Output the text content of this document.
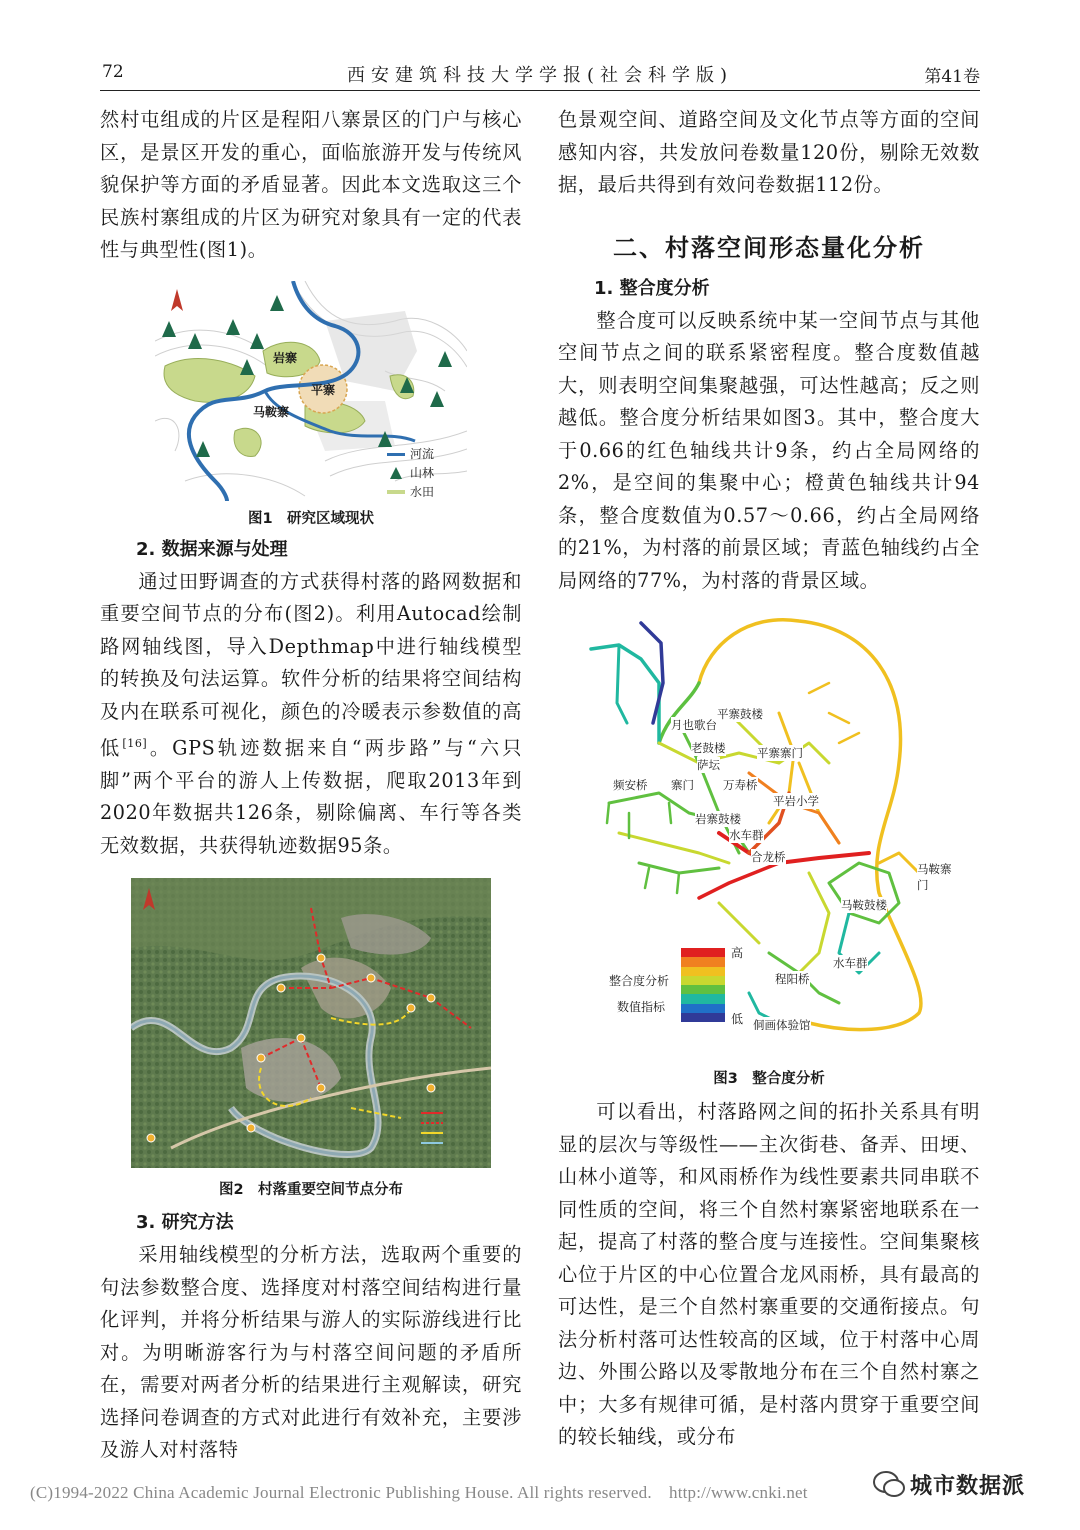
72	西安建筑科技大学学报(社会科学版)	第41卷

然村屯组成的片区是程阳八寨景区的门户与核心区，是景区开发的重心，面临旅游开发与传统风貌保护等方面的矛盾显著。因此本文选取这三个民族村寨组成的片区为研究对象具有一定的代表性与典型性(图1)。

岩寨
平寨
马鞍寨
河流
山林
水田

图1　研究区域现状

2. 数据来源与处理

通过田野调查的方式获得村落的路网数据和重要空间节点的分布(图2)。利用Autocad绘制路网轴线图，导入Depthmap中进行轴线模型的转换及句法运算。软件分析的结果将空间结构及内在联系可视化，颜色的冷暖表示参数值的高低[16]。GPS轨迹数据来自“两步路”与“六只脚”两个平台的游人上传数据，爬取2013年到2020年数据共126条，剔除偏离、车行等各类无效数据，共获得轨迹数据95条。

图2　村落重要空间节点分布

3. 研究方法

采用轴线模型的分析方法，选取两个重要的句法参数整合度、选择度对村落空间结构进行量化评判，并将分析结果与游人的实际游线进行比对。为明晰游客行为与村落空间问题的矛盾所在，需要对两者分析的结果进行主观解读，研究选择问卷调查的方式对此进行有效补充，主要涉及游人对村落特

色景观空间、道路空间及文化节点等方面的空间感知内容，共发放问卷数量120份，剔除无效数据，最后共得到有效问卷数据112份。

二、村落空间形态量化分析

1. 整合度分析

整合度可以反映系统中某一空间节点与其他空间节点之间的联系紧密程度。整合度数值越大，则表明空间集聚越强，可达性越高；反之则越低。整合度分析结果如图3。其中，整合度大于0.66的红色轴线共计9条，约占全局网络的2%，是空间的集聚中心；橙黄色轴线共计94条，整合度数值为0.57～0.66，约占全局网络的21%，为村落的前景区域；青蓝色轴线约占全局网络的77%，为村落的背景区域。

平寨鼓楼
月也歌台
老鼓楼
萨坛
平寨寨门
频安桥 寨门	万寿桥
平岩小学
岩寨鼓楼
水车群
合龙桥
马鞍寨门
马鞍鼓楼
水车群
程阳桥
侗画体验馆
整合度分析
数值指标
高
低

图3　整合度分析

可以看出，村落路网之间的拓扑关系具有明显的层次与等级性——主次街巷、备弄、田埂、山林小道等，和风雨桥作为线性要素共同串联不同性质的空间，将三个自然村寨紧密地联系在一起，提高了村落的整合度与连接性。空间集聚核心位于片区的中心位置合龙风雨桥，具有最高的可达性，是三个自然村寨重要的交通衔接点。句法分析村落可达性较高的区域，位于村落中心周边、外围公路以及零散地分布在三个自然村寨之中；大多有规律可循，是村落内贯穿于重要空间的较长轴线，或分布

(C)1994-2022 China Academic Journal Electronic Publishing House. All rights reserved.　http://www.cnki.net	城市数据派
